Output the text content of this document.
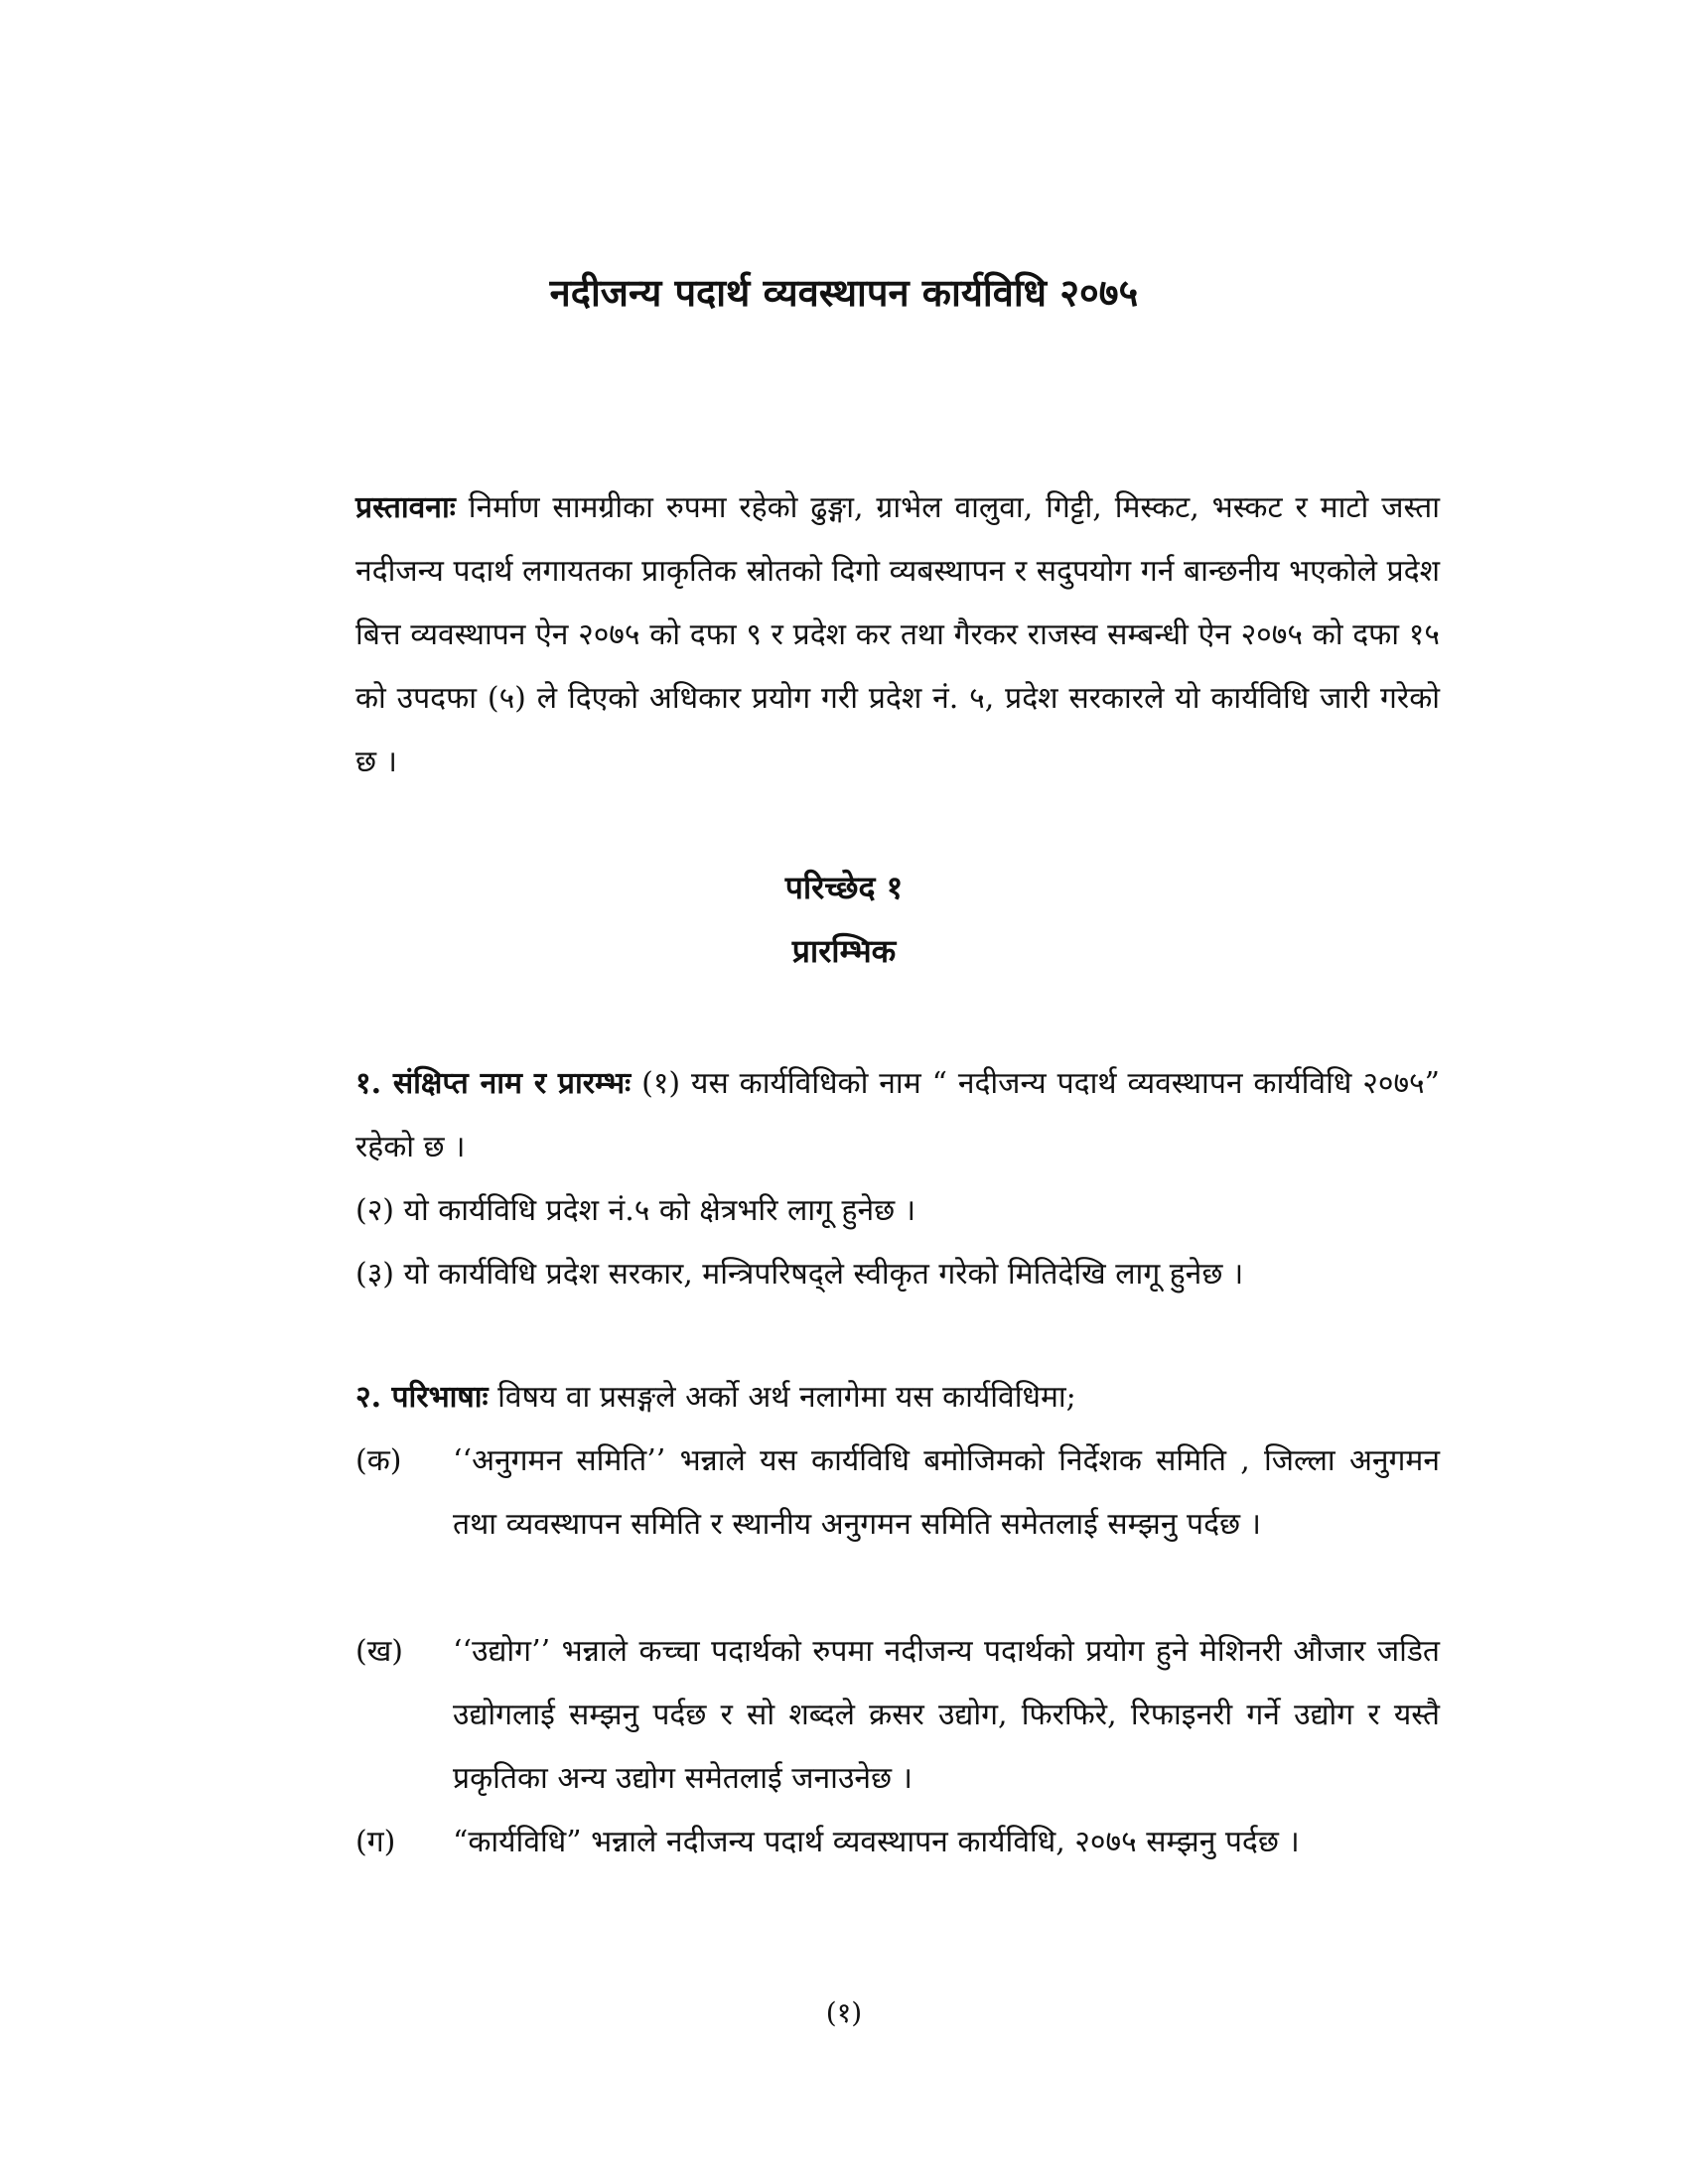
नदीजन्य पदार्थ व्यवस्थापन कार्यविधि २०७५

प्रस्तावनाः निर्माण सामग्रीका रुपमा रहेको ढुङ्गा, ग्राभेल वालुवा, गिट्टी, मिस्कट, भस्कट र माटो जस्ता नदीजन्य पदार्थ लगायतका प्राकृतिक स्रोतको दिगो व्यबस्थापन र सदुपयोग गर्न बान्छनीय भएकोले प्रदेश बित्त व्यवस्थापन ऐन २०७५ को दफा ९ र प्रदेश कर तथा गैरकर राजस्व सम्बन्धी ऐन २०७५ को दफा १५ को उपदफा (५) ले दिएको अधिकार प्रयोग गरी प्रदेश नं. ५, प्रदेश सरकारले यो कार्यविधि जारी गरेको छ ।

परिच्छेद १
प्रारम्भिक

१. संक्षिप्त नाम र प्रारम्भः (१) यस कार्यविधिको नाम “ नदीजन्य पदार्थ व्यवस्थापन कार्यविधि २०७५” रहेको छ ।

(२) यो कार्यविधि प्रदेश नं.५ को क्षेत्रभरि लागू हुनेछ ।

(३) यो कार्यविधि प्रदेश सरकार, मन्त्रिपरिषद्‌ले स्वीकृत गरेको मितिदेखि लागू हुनेछ ।

२. परिभाषाः विषय वा प्रसङ्गले अर्को अर्थ नलागेमा यस कार्यविधिमा;

(क)	‘‘अनुगमन समिति’’ भन्नाले यस कार्यविधि बमोजिमको निर्देशक समिति , जिल्ला अनुगमन तथा व्यवस्थापन समिति र स्थानीय अनुगमन समिति समेतलाई सम्झनु पर्दछ ।
(ख)	‘‘उद्योग’’ भन्नाले कच्चा पदार्थको रुपमा नदीजन्य पदार्थको प्रयोग हुने मेशिनरी औजार जडित उद्योगलाई सम्झनु पर्दछ र सो शब्दले क्रसर उद्योग, फिरफिरे, रिफाइनरी गर्ने उद्योग र यस्तै प्रकृतिका अन्य उद्योग समेतलाई जनाउनेछ ।
(ग)	“कार्यविधि” भन्नाले नदीजन्य पदार्थ व्यवस्थापन कार्यविधि, २०७५ सम्झनु पर्दछ ।
(१)
